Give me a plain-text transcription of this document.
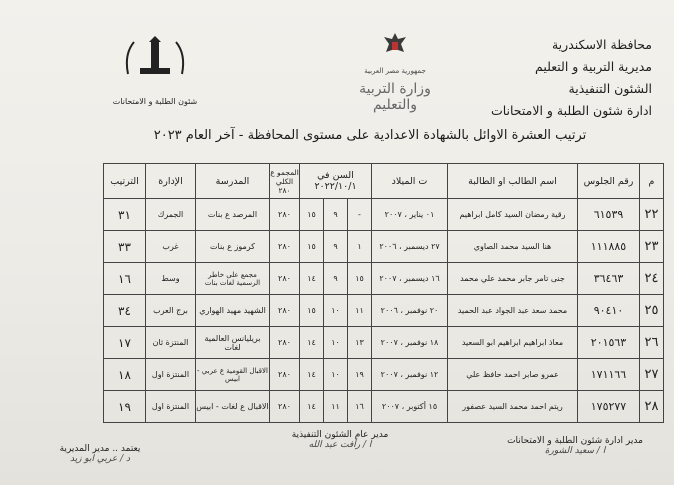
محافظة الاسكندرية
مديرية التربية و التعليم
الشئون التنفيذية
ادارة شئون الطلبة و الامتحانات
جمهورية مصر العربية
وزارة التربية والتعليم
شئون الطلبة و الامتحانات
ترتيب العشرة الاوائل بالشهادة الاعدادية على مستوى المحافظة - آخر العام ٢٠٢٣
م	رقم الجلوس	اسم الطالب او الطالبة	ت الميلاد	السن في ٢٠٢٢/١٠/١			المجمو ع الكلي ٢٨٠	المدرسة	الإدارة	الترتيب
٢٢	٦١٥٣٩	رقية رمضان السيد كامل ابراهيم	٠١ يناير ، ٢٠٠٧	-	٩	١٥	٢٨٠	المرصد ع بنات	الجمرك	٣١
٢٣	١١١٨٨٥	هنا السيد محمد الصاوي	٢٧ ديسمبر ، ٢٠٠٦	١	٩	١٥	٢٨٠	كرموز ع بنات	غرب	٣٣
٢٤	٣٦٤٦٣	جنى تامر جابر محمد علي محمد	١٦ ديسمبر ، ٢٠٠٧	١٥	٩	١٤	٢٨٠	مجمع على خاطر الرسمية لغات بنات	وسط	١٦
٢٥	٩٠٤١٠	محمد سعد عبد الجواد عبد الحميد	٢٠ نوفمبر ، ٢٠٠٦	١١	١٠	١٥	٢٨٠	الشهيد مهيد الهواري	برج العرب	٣٤
٢٦	٢٠١٥٦٣	معاذ ابراهيم ابراهيم ابو السعيد	١٨ نوفمبر ، ٢٠٠٧	١٣	١٠	١٤	٢٨٠	بريليانس العالمية لغات	المنتزة ثان	١٧
٢٧	١٧١١٦٦	عمرو صابر احمد حافظ علي	١٢ نوفمبر ، ٢٠٠٧	١٩	١٠	١٤	٢٨٠	الاقبال القومية ع عربي - ابيس	المنتزة اول	١٨
٢٨	١٧٥٢٧٧	ريتم احمد محمد السيد عصفور	١٥ أكتوبر ، ٢٠٠٧	١٦	١١	١٤	٢٨٠	الاقبال ع لغات - ابيس	المنتزة اول	١٩
مدير ادارة شئون الطلبة و الامتحانات
ا / سعيد الشورة
مدير عام الشئون التنفيذية
ا / رأفت عبد الله
يعتمد .. مدير المديرية
د / عربي ابو زيد
